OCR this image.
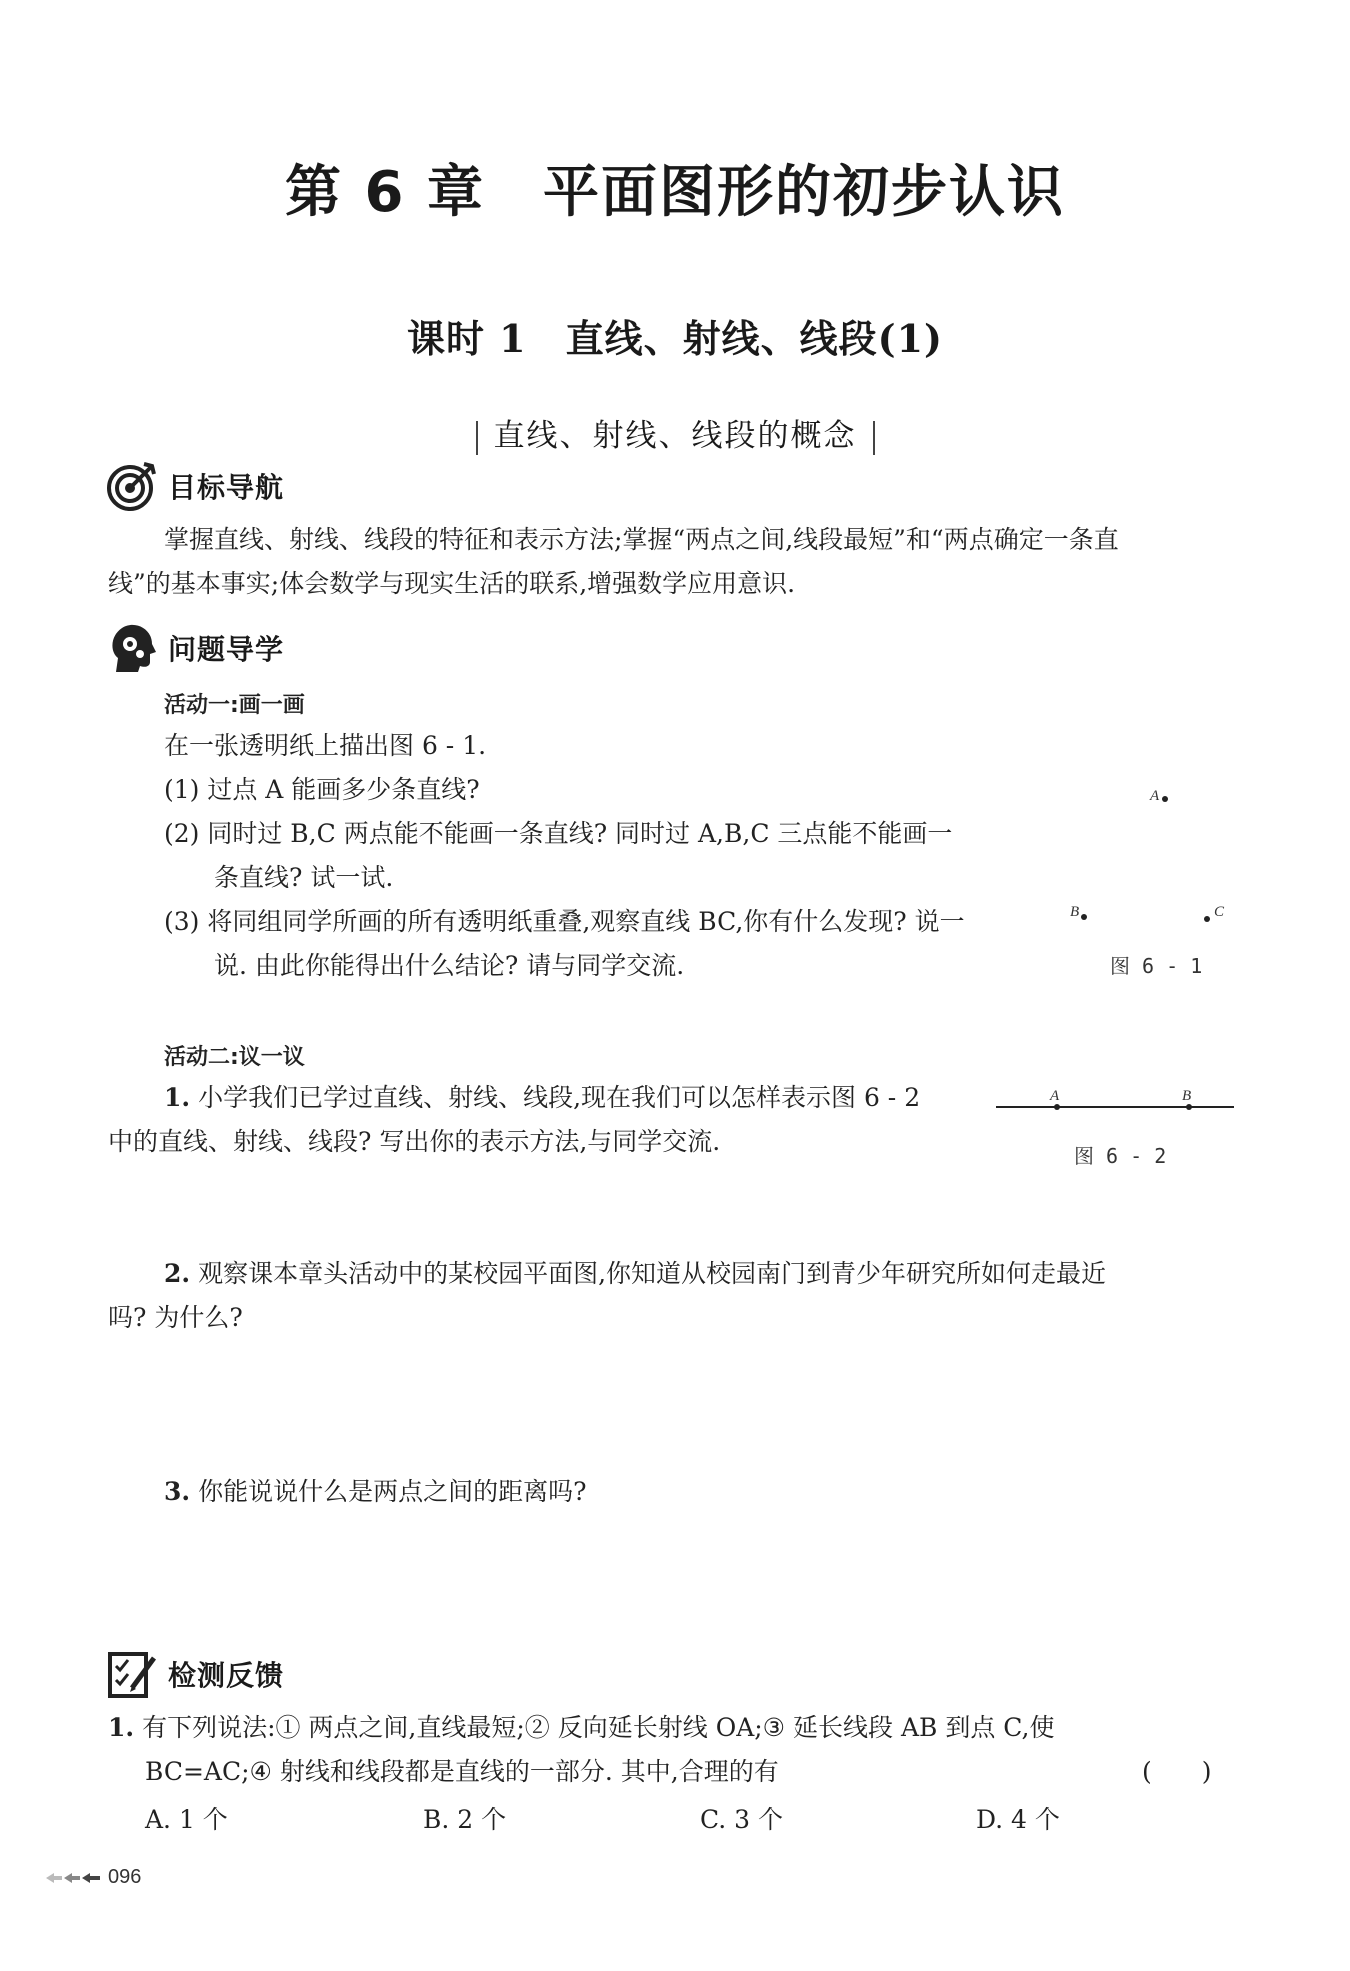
第 6 章　平面图形的初步认识
课时 1　直线、射线、线段(1)
直线、射线、线段的概念
目标导航
掌握直线、射线、线段的特征和表示方法;掌握“两点之间,线段最短”和“两点确定一条直
线”的基本事实;体会数学与现实生活的联系,增强数学应用意识.
问题导学
活动一:画一画
在一张透明纸上描出图 6 - 1.
(1) 过点 A 能画多少条直线?
(2) 同时过 B,C 两点能不能画一条直线? 同时过 A,B,C 三点能不能画一
条直线? 试一试.
(3) 将同组同学所画的所有透明纸重叠,观察直线 BC,你有什么发现? 说一
说. 由此你能得出什么结论? 请与同学交流.
A
B	C
图 6 - 1
活动二:议一议
1. 小学我们已学过直线、射线、线段,现在我们可以怎样表示图 6 - 2
中的直线、射线、线段? 写出你的表示方法,与同学交流.
A	B
图 6 - 2
2. 观察课本章头活动中的某校园平面图,你知道从校园南门到青少年研究所如何走最近
吗? 为什么?
3. 你能说说什么是两点之间的距离吗?
检测反馈
1. 有下列说法:① 两点之间,直线最短;② 反向延长射线 OA;③ 延长线段 AB 到点 C,使
BC=AC;④ 射线和线段都是直线的一部分. 其中,合理的有	(　　)
A. 1 个	B. 2 个	C. 3 个	D. 4 个
096
